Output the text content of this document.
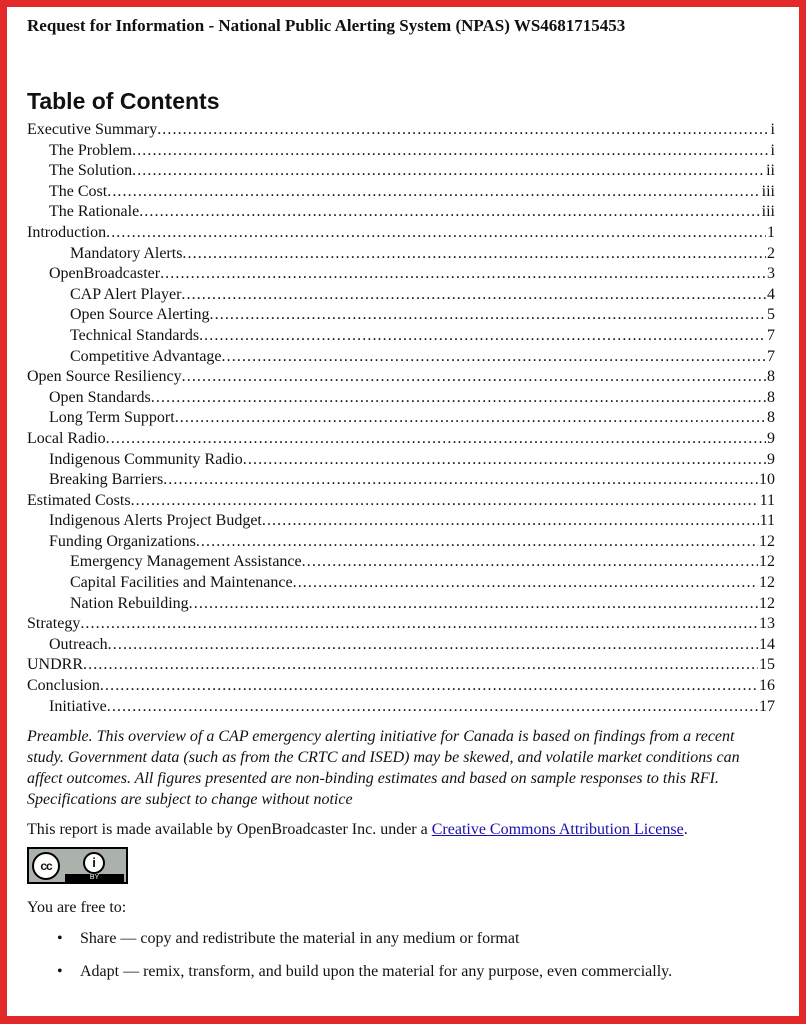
Request for Information - National Public Alerting System (NPAS) WS4681715453
Table of Contents
Executive Summary .....	i
The Problem .....	i
The Solution .....	ii
The Cost .....	iii
The Rationale .....	iii
Introduction .....	1
Mandatory Alerts .....	2
OpenBroadcaster .....	3
CAP Alert Player .....	4
Open Source Alerting .....	5
Technical Standards .....	7
Competitive Advantage .....	7
Open Source Resiliency .....	8
Open Standards .....	8
Long Term Support .....	8
Local Radio .....	9
Indigenous Community Radio .....	9
Breaking Barriers .....	10
Estimated Costs .....	11
Indigenous Alerts Project Budget .....	11
Funding Organizations .....	12
Emergency Management Assistance .....	12
Capital Facilities and Maintenance .....	12
Nation Rebuilding .....	12
Strategy .....	13
Outreach .....	14
UNDRR .....	15
Conclusion .....	16
Initiative .....	17

Preamble. This overview of a CAP emergency alerting initiative for Canada is based on findings from a recent study. Government data (such as from the CRTC and ISED) may be skewed, and volatile market conditions can affect outcomes. All figures presented are non-binding estimates and based on sample responses to this RFI. Specifications are subject to change without notice

This report is made available by OpenBroadcaster Inc. under a Creative Commons Attribution License.

cc	i
BY

You are free to:

• Share — copy and redistribute the material in any medium or format
• Adapt — remix, transform, and build upon the material for any purpose, even commercially.
